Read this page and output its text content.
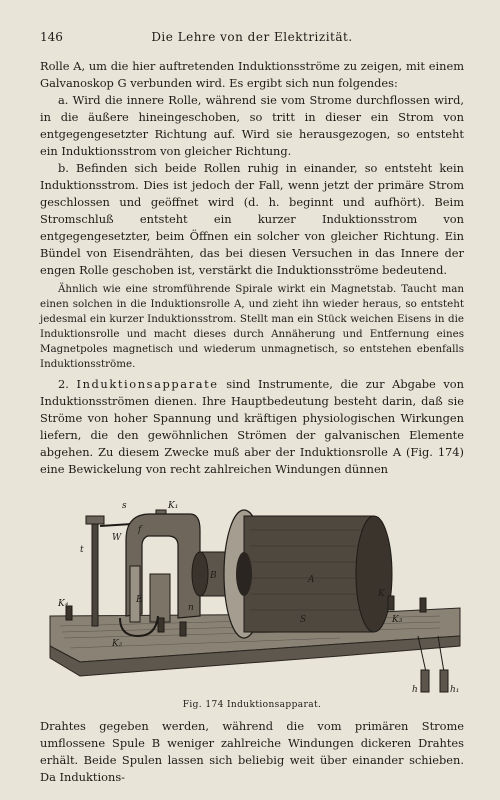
146	Die Lehre von der Elektrizität.

Rolle A, um die hier auftretenden Induktionsströme zu zeigen, mit einem Galvanoskop G verbunden wird. Es ergibt sich nun folgendes:

a. Wird die innere Rolle, während sie vom Strome durchflossen wird, in die äußere hineingeschoben, so tritt in dieser ein Strom von entgegengesetzter Richtung auf. Wird sie herausgezogen, so entsteht ein Induktionsstrom von gleicher Richtung.

b. Befinden sich beide Rollen ruhig in einander, so entsteht kein Induktionsstrom. Dies ist jedoch der Fall, wenn jetzt der primäre Strom geschlossen und geöffnet wird (d. h. beginnt und aufhört). Beim Stromschluß entsteht ein kurzer Induktionsstrom von entgegengesetzter, beim Öffnen ein solcher von gleicher Richtung. Ein Bündel von Eisendrähten, das bei diesen Versuchen in das Innere der engen Rolle geschoben ist, verstärkt die Induktionsströme bedeutend.

Ähnlich wie eine stromführende Spirale wirkt ein Magnetstab. Taucht man einen solchen in die Induktionsrolle A, und zieht ihn wieder heraus, so entsteht jedesmal ein kurzer Induktionsstrom. Stellt man ein Stück weichen Eisens in die Induktionsrolle und macht dieses durch Annäherung und Entfernung eines Magnetpoles magnetisch und wiederum unmagnetisch, so entstehen ebenfalls Induktionsströme.

2. Induktionsapparate sind Instrumente, die zur Abgabe von Induktionsströmen dienen. Ihre Hauptbedeutung besteht darin, daß sie Ströme von hoher Spannung und kräftigen physiologischen Wirkungen liefern, die den gewöhnlichen Strömen der galvanischen Elemente abgehen. Zu diesem Zwecke muß aber der Induktionsrolle A (Fig. 174) eine Bewickelung von recht zahlreichen Windungen dünnen

s	K₁
f
W
t
E
B	A
n
K
S	K₃
K₂
K₄
h	h₁
Fig. 174 Induktionsapparat.

Drahtes gegeben werden, während die vom primären Strome umflossene Spule B weniger zahlreiche Windungen dickeren Drahtes erhält. Beide Spulen lassen sich beliebig weit über einander schieben. Da Induktions-
